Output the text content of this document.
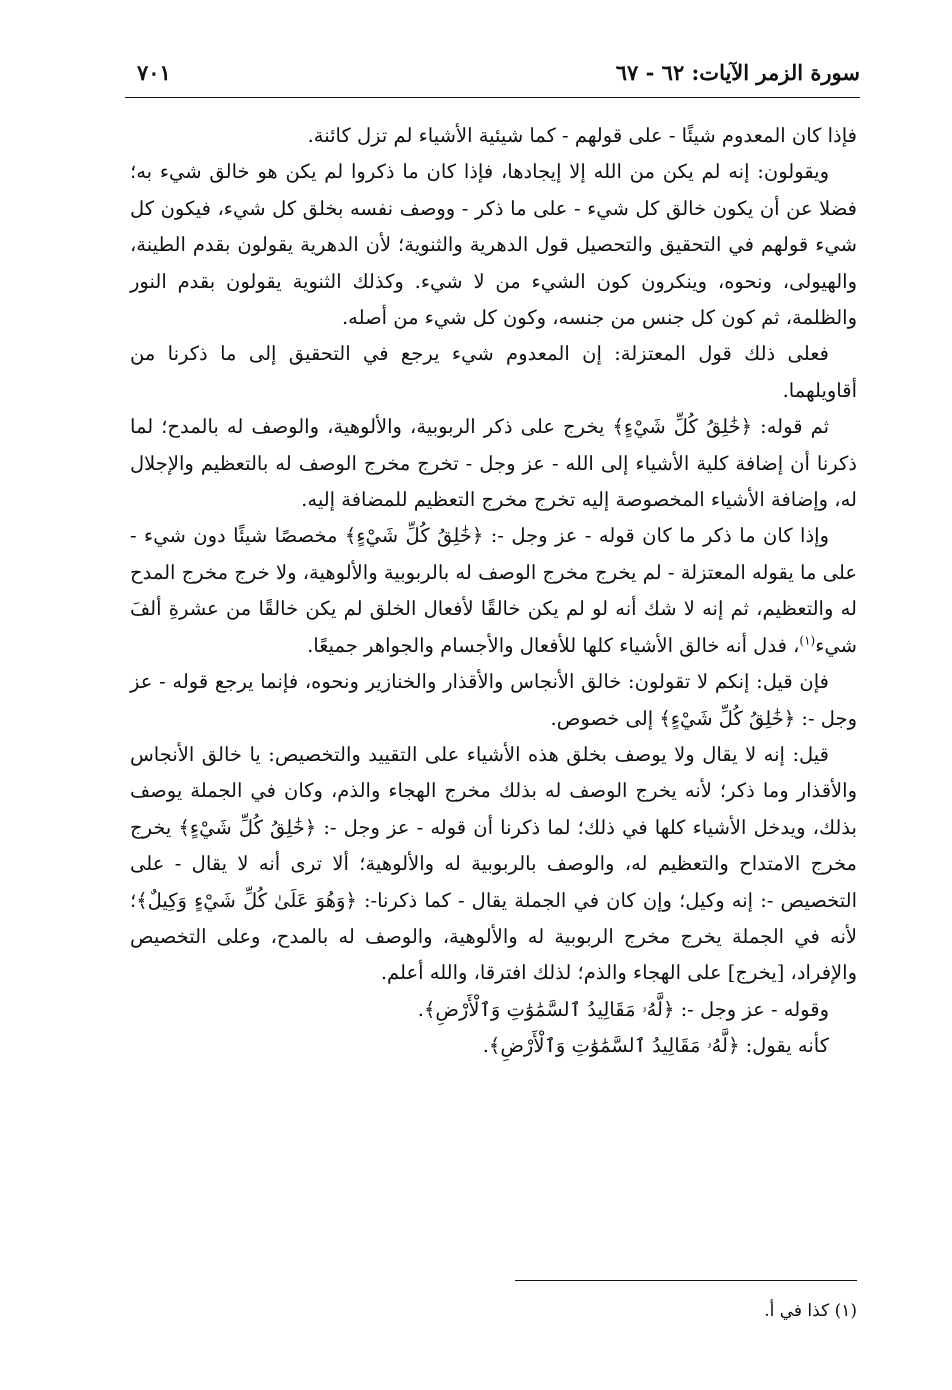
سورة الزمر الآيات: ٦٢ - ٦٧
٧٠١

فإذا كان المعدوم شيئًا - على قولهم - كما شيئية الأشياء لم تزل كائنة.

ويقولون: إنه لم يكن من الله إلا إيجادها، فإذا كان ما ذكروا لم يكن هو خالق شيء به؛ فضلا عن أن يكون خالق كل شيء - على ما ذكر - ووصف نفسه بخلق كل شيء، فيكون كل شيء قولهم في التحقيق والتحصيل قول الدهرية والثنوية؛ لأن الدهرية يقولون بقدم الطينة، والهيولى، ونحوه، وينكرون كون الشيء من لا شيء. وكذلك الثنوية يقولون بقدم النور والظلمة، ثم كون كل جنس من جنسه، وكون كل شيء من أصله.

فعلى ذلك قول المعتزلة: إن المعدوم شيء يرجع في التحقيق إلى ما ذكرنا من أقاويلهما.

ثم قوله: ﴿خَٰلِقُ كُلِّ شَيْءٍ﴾ يخرج على ذكر الربوبية، والألوهية، والوصف له بالمدح؛ لما ذكرنا أن إضافة كلية الأشياء إلى الله - عز وجل - تخرج مخرج الوصف له بالتعظيم والإجلال له، وإضافة الأشياء المخصوصة إليه تخرج مخرج التعظيم للمضافة إليه.

وإذا كان ما ذكر ما كان قوله - عز وجل -: ﴿خَٰلِقُ كُلِّ شَيْءٍ﴾ مخصصًا شيئًا دون شيء - على ما يقوله المعتزلة - لم يخرج مخرج الوصف له بالربوبية والألوهية، ولا خرج مخرج المدح له والتعظيم، ثم إنه لا شك أنه لو لم يكن خالقًا لأفعال الخلق لم يكن خالقًا من عشرةِ ألفَ شيء$^{(١)}$، فدل أنه خالق الأشياء كلها للأفعال والأجسام والجواهر جميعًا.

فإن قيل: إنكم لا تقولون: خالق الأنجاس والأقذار والخنازير ونحوه، فإنما يرجع قوله - عز وجل -: ﴿خَٰلِقُ كُلِّ شَيْءٍ﴾ إلى خصوص.

قيل: إنه لا يقال ولا يوصف بخلق هذه الأشياء على التقييد والتخصيص: يا خالق الأنجاس والأقذار وما ذكر؛ لأنه يخرج الوصف له بذلك مخرج الهجاء والذم، وكان في الجملة يوصف بذلك، ويدخل الأشياء كلها في ذلك؛ لما ذكرنا أن قوله - عز وجل -: ﴿خَٰلِقُ كُلِّ شَيْءٍ﴾ يخرج مخرج الامتداح والتعظيم له، والوصف بالربوبية له والألوهية؛ ألا ترى أنه لا يقال - على التخصيص -: إنه وكيل؛ وإن كان في الجملة يقال - كما ذكرنا-: ﴿وَهُوَ عَلَىٰ كُلِّ شَيْءٍ وَكِيلٌ﴾؛ لأنه في الجملة يخرج مخرج الربوبية له والألوهية، والوصف له بالمدح، وعلى التخصيص والإفراد، [يخرج] على الهجاء والذم؛ لذلك افترقا، والله أعلم.

وقوله - عز وجل -: ﴿لَّهُۥ مَقَالِيدُ ٱلسَّمَٰوَٰتِ وَٱلْأَرْضِ﴾.

كأنه يقول: ﴿لَّهُۥ مَقَالِيدُ ٱلسَّمَٰوَٰتِ وَٱلْأَرْضِ﴾.

(١) كذا في أ.
